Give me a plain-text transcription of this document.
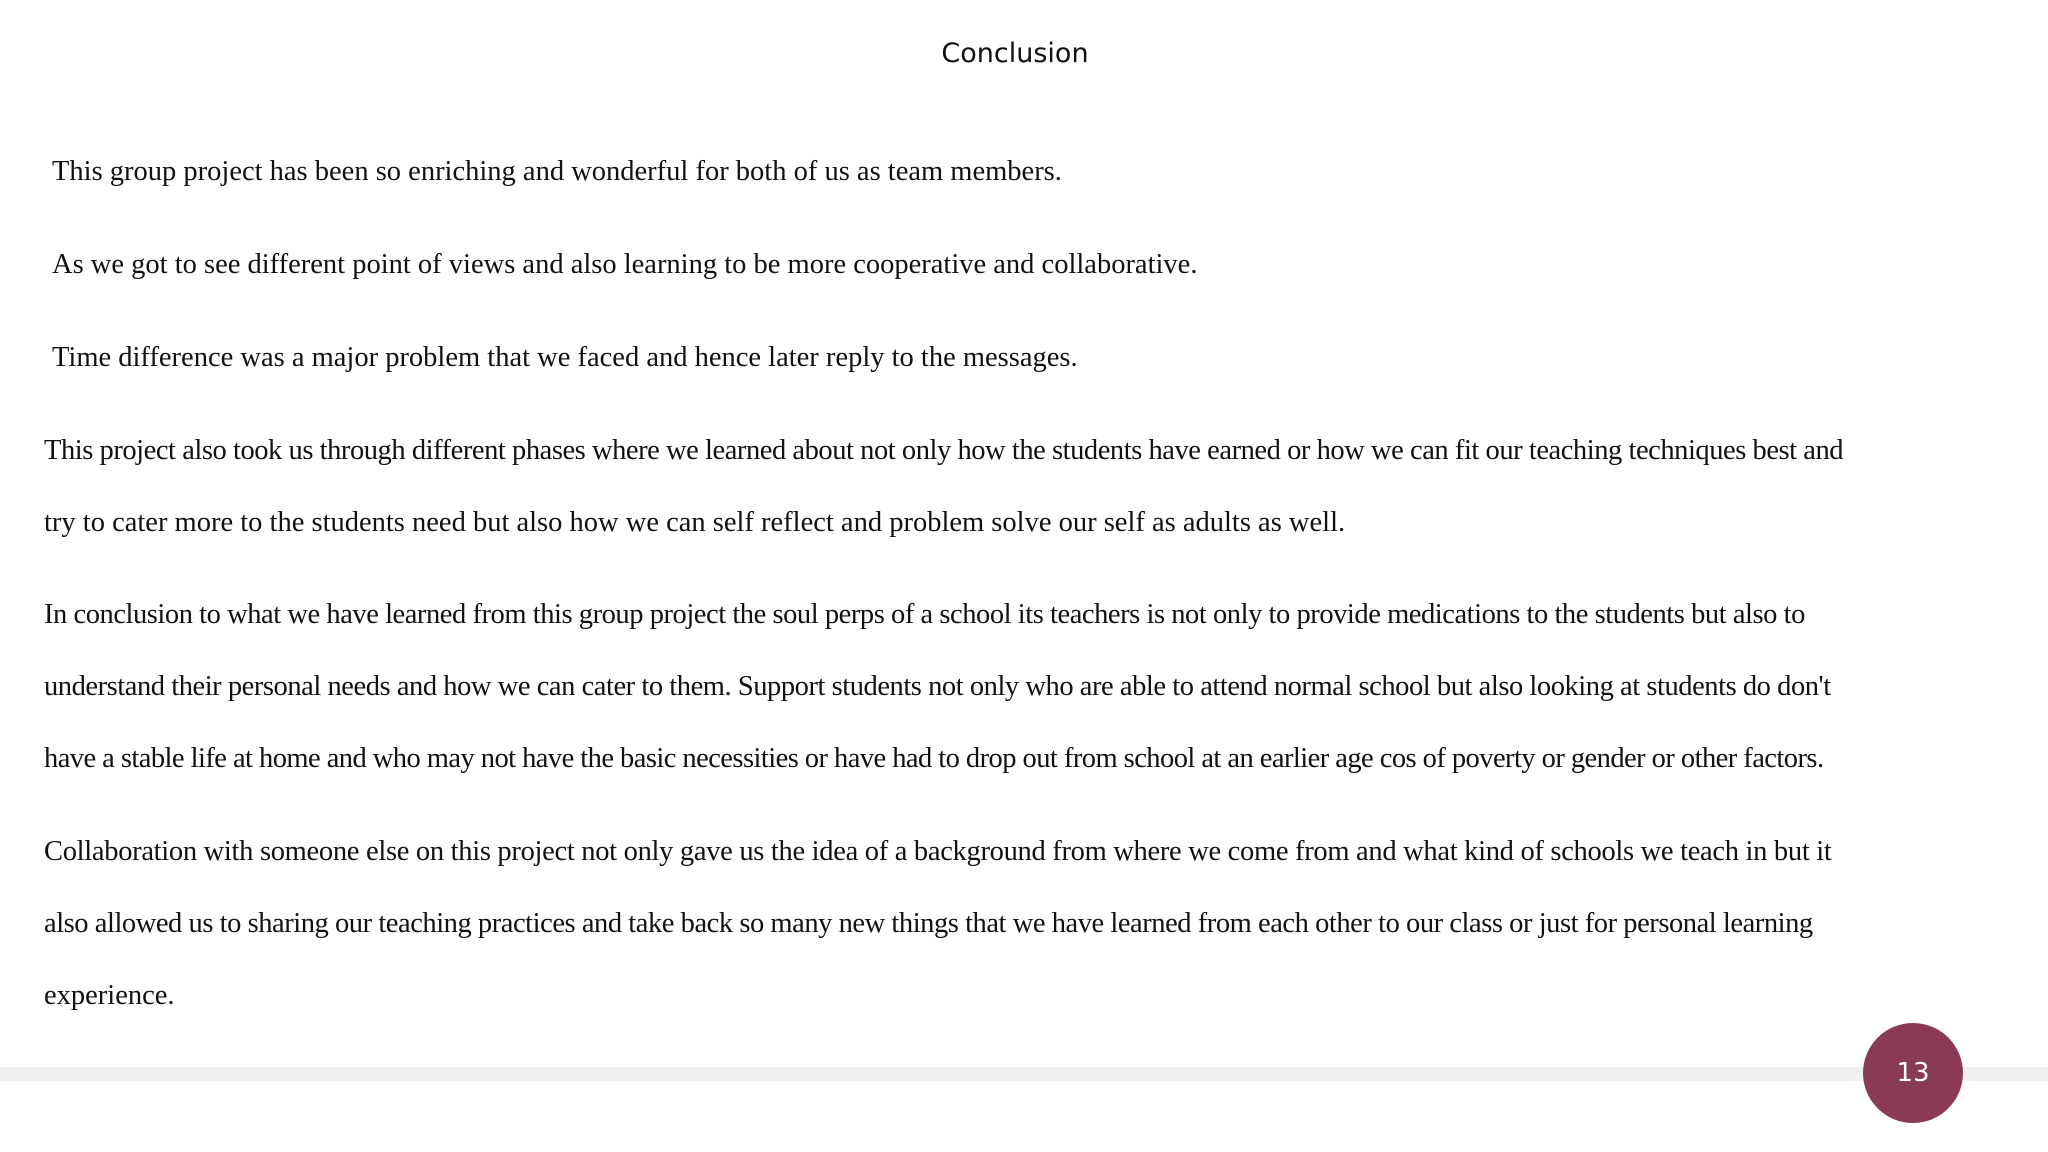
Conclusion
This group project has been so enriching and wonderful for both of us as team members.
As we got to see different point of views and also learning to be more cooperative and collaborative.
Time difference was a major problem that we faced and hence later reply to the messages.
This project also took us through different phases where we learned about not only how the students have earned or how we can fit our teaching techniques best and
try to cater more to the students need but also how we can self reflect and problem solve our self as adults as well.
In conclusion to what we have learned from this group project the soul perps of a school its teachers is not only to provide medications to the students but also to
understand their personal needs and how we can cater to them. Support students not only who are able to attend normal school but also looking at students do don't
have a stable life at home and who may not have the basic necessities or have had to drop out from school at an earlier age cos of poverty or gender or other factors.
Collaboration with someone else on this project not only gave us the idea of a background from where we come from and what kind of schools we teach in but it
also allowed us to sharing our teaching practices and take back so many new things that we have learned from each other to our class or just for personal learning
experience.
13
